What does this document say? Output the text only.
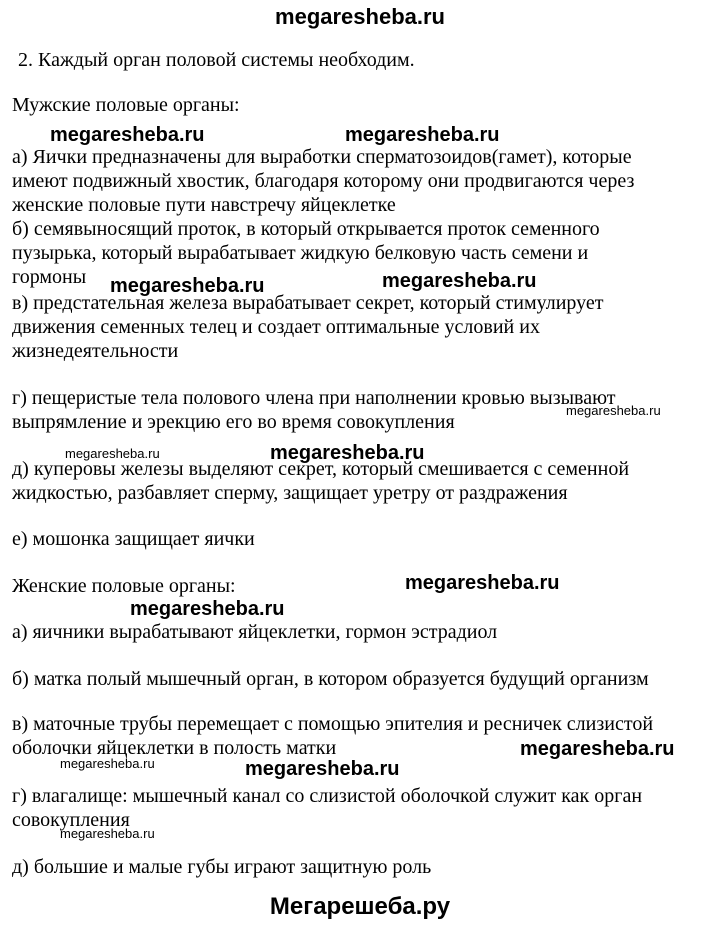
megaresheba.ru
2. Каждый орган половой системы необходим.
Мужские половые органы:
а) Яички предназначены для выработки сперматозоидов(гамет), которые
имеют подвижный хвостик, благодаря которому они продвигаются через
женские половые пути навстречу яйцеклетке
б) семявыносящий проток, в который открывается проток семенного
пузырька, который вырабатывает жидкую белковую часть семени и
гормоны
в) предстательная железа вырабатывает секрет, который стимулирует
движения семенных телец и создает оптимальные условий их
жизнедеятельности
г) пещеристые тела полового члена при наполнении кровью вызывают
выпрямление и эрекцию его во время совокупления
д) куперовы железы выделяют секрет, который смешивается с семенной
жидкостью, разбавляет сперму, защищает уретру от раздражения
е) мошонка защищает яички
Женские половые органы:
а) яичники вырабатывают яйцеклетки, гормон эстрадиол
б) матка полый мышечный орган, в котором образуется будущий организм
в) маточные трубы перемещает с помощью эпителия и ресничек слизистой
оболочки яйцеклетки в полость матки
г) влагалище: мышечный канал со слизистой оболочкой служит как орган
совокупления
д) большие и малые губы играют защитную роль
megaresheba.ru	megaresheba.ru
megaresheba.ru	megaresheba.ru
megaresheba.ru
megaresheba.ru	megaresheba.ru
megaresheba.ru
megaresheba.ru
megaresheba.ru
megaresheba.ru	megaresheba.ru
megaresheba.ru
Мегарешеба.ру
